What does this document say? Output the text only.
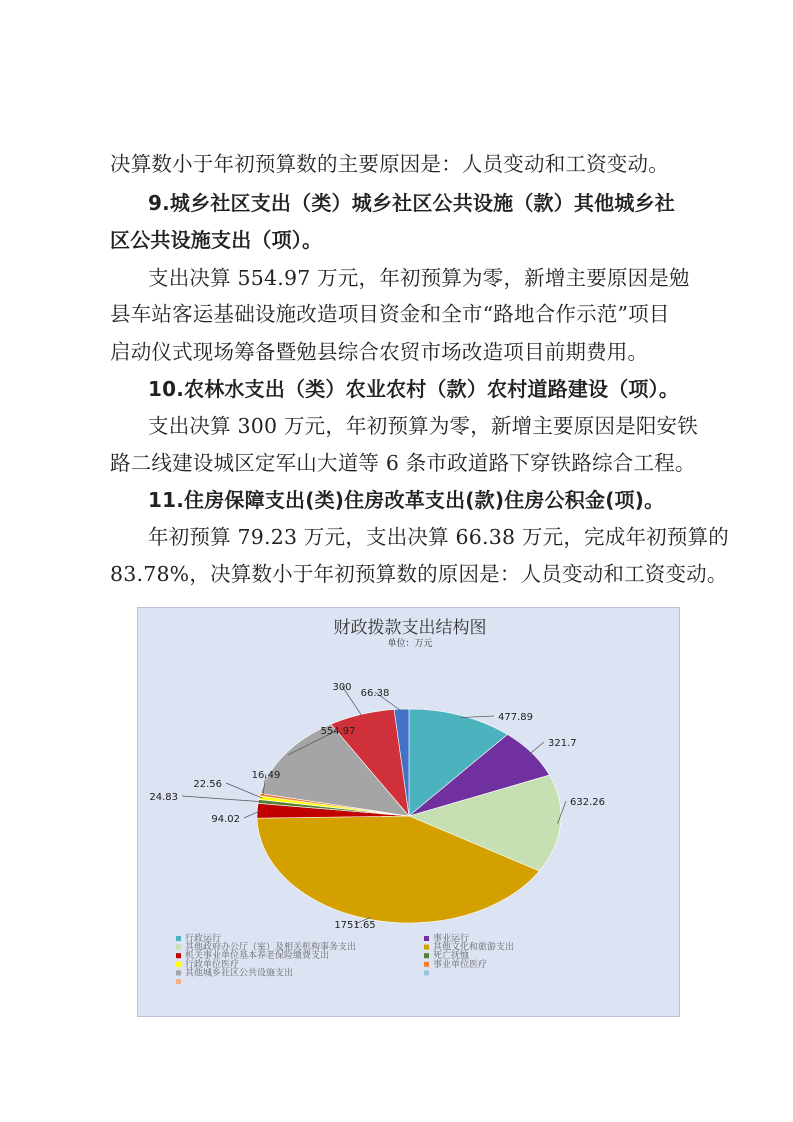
决算数小于年初预算数的主要原因是：人员变动和工资变动。
9.城乡社区支出（类）城乡社区公共设施（款）其他城乡社
区公共设施支出（项）。
支出决算 554.97 万元，年初预算为零，新增主要原因是勉
县车站客运基础设施改造项目资金和全市“路地合作示范”项目
启动仪式现场筹备暨勉县综合农贸市场改造项目前期费用。
10.农林水支出（类）农业农村（款）农村道路建设（项）。
支出决算 300 万元，年初预算为零，新增主要原因是阳安铁
路二线建设城区定军山大道等 6 条市政道路下穿铁路综合工程。
11.住房保障支出(类)住房改革支出(款)住房公积金(项)。
年初预算 79.23 万元，支出决算 66.38 万元，完成年初预算的
83.78%，决算数小于年初预算数的原因是：人员变动和工资变动。
财政拨款支出结构图
单位：万元
477.89
321.7
632.26
1751.65
94.02
24.83
22.56
16.49
554.97
300
66.38
行政运行	事业运行
其他政府办公厅（室）及相关机构事务支出	其他文化和旅游支出
机关事业单位基本养老保险缴费支出	死亡抚恤
行政单位医疗	事业单位医疗
其他城乡社区公共设施支出
